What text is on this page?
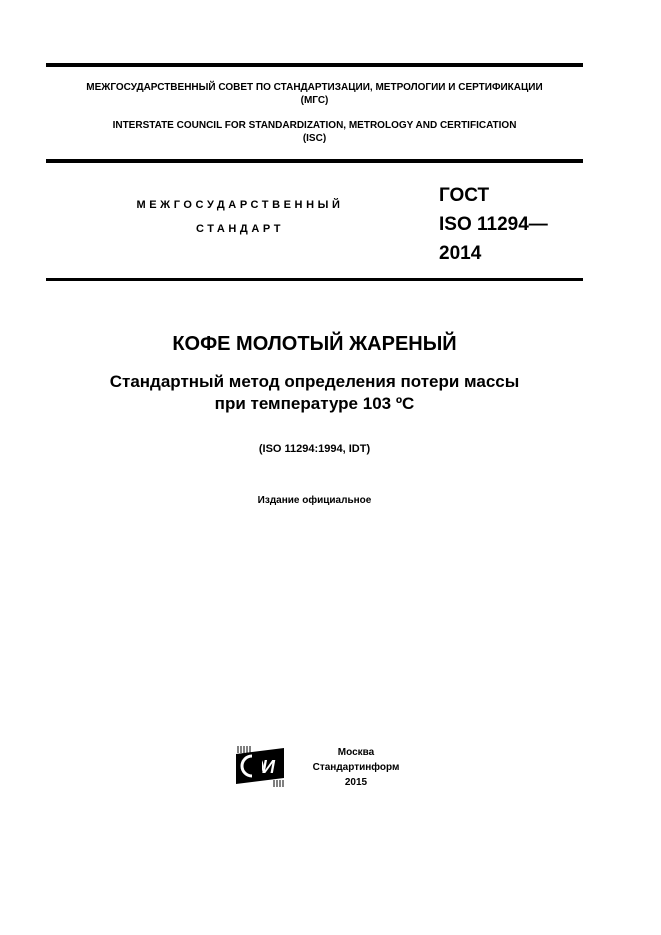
МЕЖГОСУДАРСТВЕННЫЙ СОВЕТ ПО СТАНДАРТИЗАЦИИ, МЕТРОЛОГИИ И СЕРТИФИКАЦИИ
(МГС)
INTERSTATE COUNCIL FOR STANDARDIZATION, METROLOGY AND CERTIFICATION
(ISC)
МЕЖГОСУДАРСТВЕННЫЙ
СТАНДАРТ
ГОСТ
ISO 11294—
2014
КОФЕ МОЛОТЫЙ ЖАРЕНЫЙ
Стандартный метод определения потери массы
при температуре 103 ºС
(ISO 11294:1994, IDT)
Издание официальное
И
Москва
Стандартинформ
2015
